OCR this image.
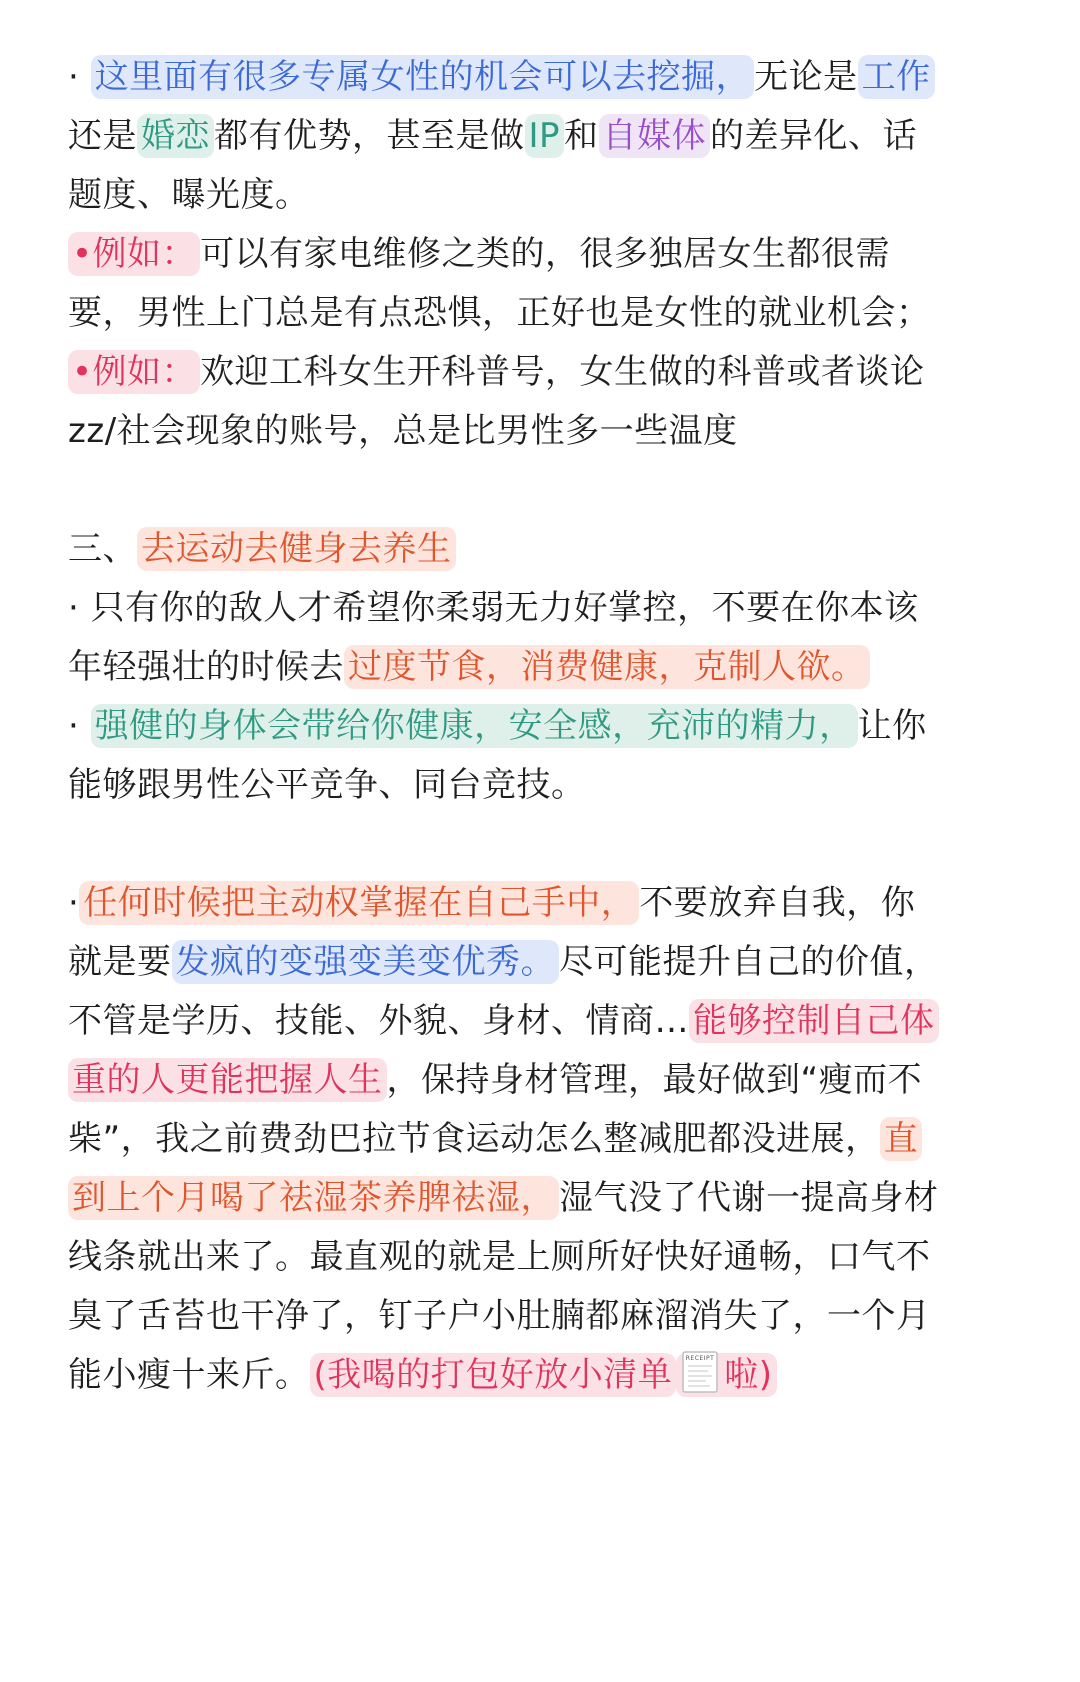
· 这里面有很多专属女性的机会可以去挖掘， 无论是 工作还是 婚恋 都有优势，甚至是做 IP 和 自媒体 的差异化、话题度、曝光度。

•例如： 可以有家电维修之类的，很多独居女生都很需要，男性上门总是有点恐惧，正好也是女性的就业机会；

•例如： 欢迎工科女生开科普号，女生做的科普或者谈论zz/社会现象的账号，总是比男性多一些温度

三、 去运动去健身去养生

· 只有你的敌人才希望你柔弱无力好掌控，不要在你本该年轻强壮的时候去 过度节食，消费健康，克制人欲。

· 强健的身体会带给你健康，安全感，充沛的精力， 让你能够跟男性公平竞争、同台竞技。

· 任何时候把主动权掌握在自己手中， 不要放弃自我，你就是要 发疯的变强变美变优秀。 尽可能提升自己的价值，不管是学历、技能、外貌、身材、情商… 能够控制自己体重的人更能把握人生 ，保持身材管理，最好做到“瘦而不柴”，我之前费劲巴拉节食运动怎么整减肥都没进展， 直到上个月喝了祛湿茶养脾祛湿， 湿气没了代谢一提高身材线条就出来了。最直观的就是上厕所好快好通畅，口气不臭了舌苔也干净了，钉子户小肚腩都麻溜消失了，一个月能小瘦十来斤。 (我喝的打包好放小清单 RECEIPT 啦)
